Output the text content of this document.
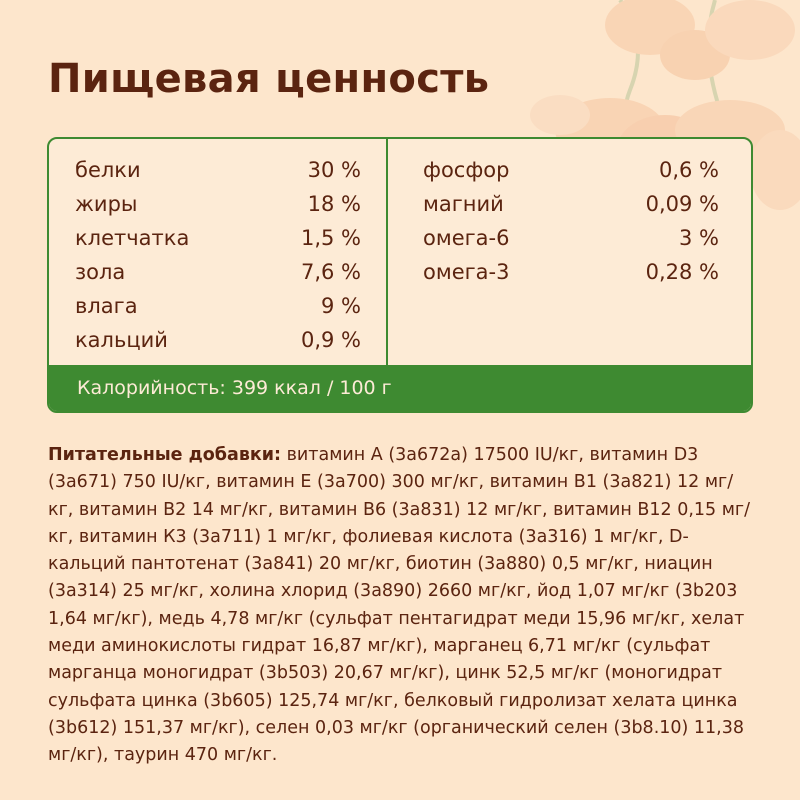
Пищевая ценность
белки	30 %
жиры	18 %
клетчатка	1,5 %
зола	7,6 %
влага	9 %
кальций	0,9 %
фосфор	0,6 %
магний	0,09 %
омега-6	3 %
омега-3	0,28 %
Калорийность: 399 ккал / 100 г
Питательные добавки: витамин А (3a672a) 17500 IU/кг, витамин D3 (3a671) 750 IU/кг, витамин Е (3a700) 300 мг/кг, витамин В1 (3a821) 12 мг/кг, витамин В2 14 мг/кг, витамин В6 (3a831) 12 мг/кг, витамин В12 0,15 мг/кг, витамин К3 (3a711) 1 мг/кг, фолиевая кислота (3a316) 1 мг/кг, D-кальций пантотенат (3a841) 20 мг/кг, биотин (3a880) 0,5 мг/кг, ниацин (3a314) 25 мг/кг, холина хлорид (3a890) 2660 мг/кг, йод 1,07 мг/кг (3b203 1,64 мг/кг), медь 4,78 мг/кг (сульфат пентагидрат меди 15,96 мг/кг, хелат меди аминокислоты гидрат 16,87 мг/кг), марганец 6,71 мг/кг (сульфат марганца моногидрат (3b503) 20,67 мг/кг), цинк 52,5 мг/кг (моногидрат сульфата цинка (3b605) 125,74 мг/кг, белковый гидролизат хелата цинка (3b612) 151,37 мг/кг), селен 0,03 мг/кг (органический селен (3b8.10) 11,38 мг/кг), таурин 470 мг/кг.
